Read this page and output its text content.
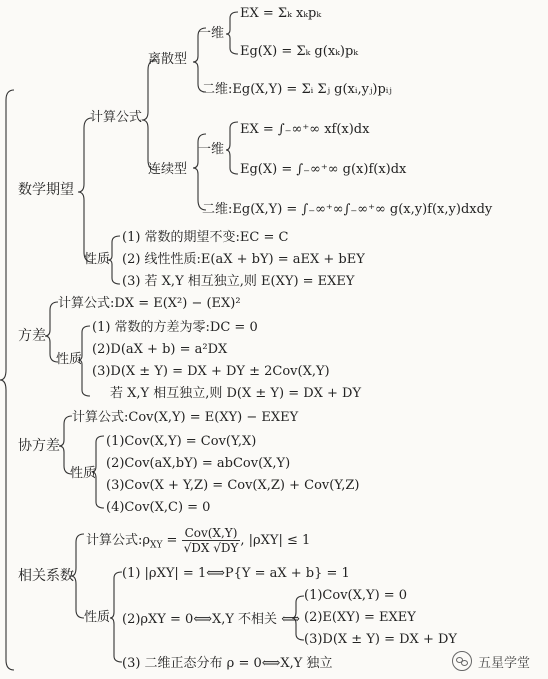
数学期望
计算公式
离散型
一维
EX = Σₖ xₖpₖ
Eg(X) = Σₖ g(xₖ)pₖ
二维:Eg(X,Y) = Σᵢ Σⱼ g(xᵢ,yⱼ)pᵢⱼ
连续型
一维
EX = ∫₋∞⁺∞ xf(x)dx
Eg(X) = ∫₋∞⁺∞ g(x)f(x)dx
二维:Eg(X,Y) = ∫₋∞⁺∞∫₋∞⁺∞ g(x,y)f(x,y)dxdy
性质
(1) 常数的期望不变:EC = C
(2) 线性性质:E(aX + bY) = aEX + bEY
(3) 若 X,Y 相互独立,则 E(XY) = EXEY
方差
计算公式:DX = E(X²) − (EX)²
性质
(1) 常数的方差为零:DC = 0
(2)D(aX + b) = a²DX
(3)D(X ± Y) = DX + DY ± 2Cov(X,Y)
若 X,Y 相互独立,则 D(X ± Y) = DX + DY
协方差
计算公式:Cov(X,Y) = E(XY) − EXEY
性质
(1)Cov(X,Y) = Cov(Y,X)
(2)Cov(aX,bY) = abCov(X,Y)
(3)Cov(X + Y,Z) = Cov(X,Z) + Cov(Y,Z)
(4)Cov(X,C) = 0
相关系数
计算公式$:\rho_{XY} = \frac{\text{Cov(X,Y)}}{√DX √DY}$ , |ρXY| ≤ 1
性质
(1) |ρXY| = 1⟺P{Y = aX + b} = 1
(2)ρXY = 0⟺X,Y 不相关 ⟺
(1)Cov(X,Y) = 0
(2)E(XY) = EXEY
(3)D(X ± Y) = DX + DY
(3) 二维正态分布 ρ = 0⟺X,Y 独立	五星学堂
